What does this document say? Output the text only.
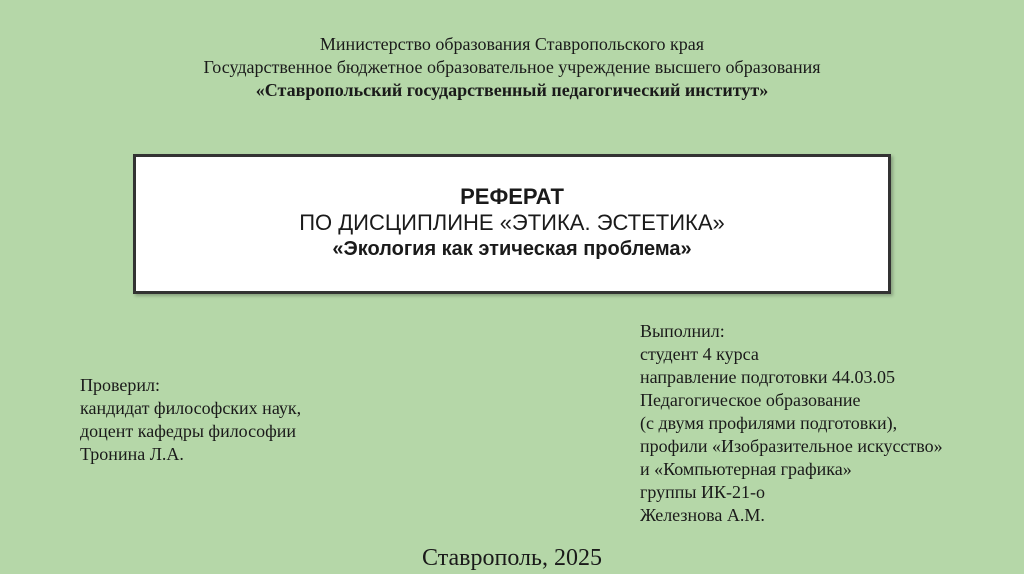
Министерство образования Ставропольского края
Государственное бюджетное образовательное учреждение высшего образования
«Ставропольский государственный педагогический институт»
РЕФЕРАТ
ПО ДИСЦИПЛИНЕ «ЭТИКА. ЭСТЕТИКА»
«Экология как этическая проблема»
Проверил:
кандидат философских наук,
доцент кафедры философии
Тронина Л.А.
Выполнил:
студент 4 курса
направление подготовки 44.03.05
Педагогическое образование
(с двумя профилями подготовки),
профили «Изобразительное искусство»
и «Компьютерная графика»
группы ИК-21-о
Железнова А.М.
Ставрополь, 2025
